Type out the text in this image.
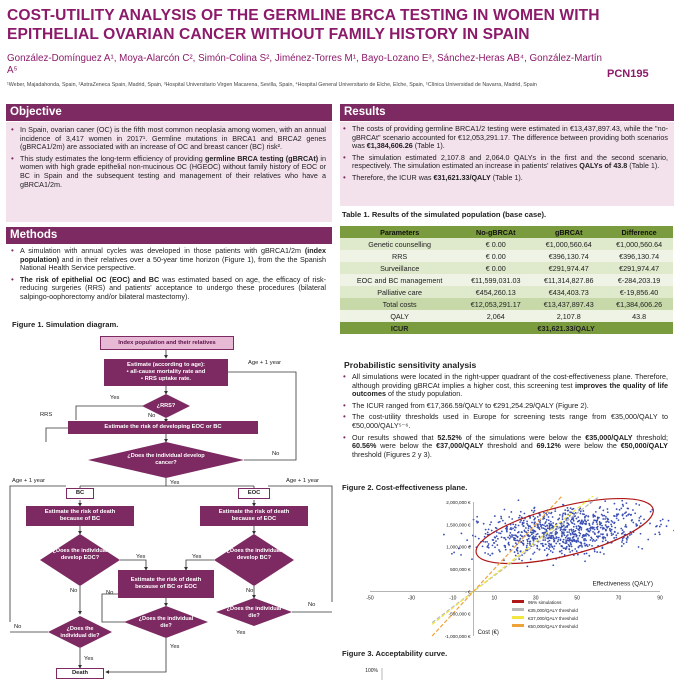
COST-UTILITY ANALYSIS OF THE GERMLINE BRCA TESTING IN WOMEN WITH EPITHELIAL OVARIAN CANCER WITHOUT FAMILY HISTORY IN SPAIN
González-Domínguez A¹, Moya-Alarcón C², Simón-Colina S², Jiménez-Torres M¹, Bayo-Lozano E³, Sánchez-Heras AB⁴, González-Martín A⁵	PCN195
¹Weber, Majadahonda, Spain, ²AstraZeneca Spain, Madrid, Spain, ³Hospital Universitario Virgen Macarena, Sevilla, Spain, ⁴Hospital General Universitario de Elche, Elche, Spain, ⁵Clínica Universidad de Navarra, Madrid, Spain
Objective
• In Spain, ovarian caner (OC) is the fifth most common neoplasia among women, with an annual incidence of 3,417 women in 2017¹. Germline mutations in BRCA1 and BRCA2 genes (gBRCA1/2m) are associated with an increase of OC and breast cancer (BC) risk².
• This study estimates the long-term efficiency of providing germline BRCA testing (gBRCAt) in women with high grade epithelial non-mucinous OC (HGEOC) without family history of EOC or BC in Spain and the subsequent testing and management of their relatives who have a gBRCA1/2m.
Methods
• A simulation with annual cycles was developed in those patients with gBRCA1/2m (index population) and in their relatives over a 50-year time horizon (Figure 1), from the the Spanish National Health Service perspective.
• The risk of epithelial OC (EOC) and BC was estimated based on age, the efficacy of risk-reducing surgeries (RRS) and patients' acceptance to undergo these procedures (bilateral salpingo-oophorectomy and/or bilateral mastectomy).
Figure 1. Simulation diagram.
Index population and their relatives
Estimate (according to age):
• all-cause mortality rate and
• RRS uptake rate.
Age + 1 year
¿RRS?
Yes
No
RRS
Estimate the risk of developing EOC or BC
¿Does the individual develop cancer?
No
Yes
Age + 1 year	Age + 1 year
BC	EOC
Estimate the risk of death because of BC
Estimate the risk of death because of EOC
¿Does the individual develop EOC?
¿Does the individual develop BC?
Yes	Yes
No	No
Estimate the risk of death because of BC or EOC
No
¿Does the individual die?
¿Does the individual die?
¿Does the individual die?
No
No
Yes
Yes
Yes
Death
Results
• The costs of providing germline BRCA1/2 testing were estimated in €13,437,897.43, while the "no-gBRCAt" scenario accounted for €12,053,291.17. The difference between providing both scenarios was €1,384,606.26 (Table 1).
• The simulation estimated 2,107.8 and 2,064.0 QALYs in the first and the second scenario, respectively. The simulation estimated an increase in patients' relatives QALYs of 43.8 (Table 1).
• Therefore, the ICUR was €31,621.33/QALY (Table 1).
Table 1. Results of the simulated population (base case).
Parameters	No-gBRCAt	gBRCAt	Difference
Genetic counselling	€ 0.00	€1,000,560.64	€1,000,560.64
RRS	€ 0.00	€396,130.74	€396,130.74
Surveillance	€ 0.00	€291,974.47	€291,974.47
EOC and BC management	€11,599,031.03	€11,314,827.86	€-284,203.19
Palliative care	€454,260.13	€434,403.73	€-19,856.40
Total costs	€12,053,291.17	€13,437,897.43	€1,384,606.26
QALY	2,064	2,107.8	43.8
ICUR	€31,621.33/QALY		
Probabilistic sensitivity analysis
• All simulations were located in the right-upper quadrant of the cost-effectiveness plane. Therefore, although providing gBRCAt implies a higher cost, this screening test improves the quality of life outcomes of the study population.
• The ICUR ranged from €17,366.59/QALY to €291,254.29/QALY (Figure 2).
• The cost-utility thresholds used in Europe for screening tests range from €35,000/QALY to €50,000/QALY⁵⁻⁶.
• Our results showed that 52.52% of the simulations were below the €35,000/QALY threshold; 60.56% were below the €37,000/QALY threshold and 69.12% were below the €50,000/QALY threshold (Figures 2 y 3).
Figure 2. Cost-effectiveness plane.
-50	-30	-10	10	30	50	70	90
2,000,000 €
1,500,000 €
1,000,000 €
500,000 €
- €
-500,000 €
-1,000,000 €
Effectiveness (QALY)
Cost (€)
95% simulations
€35,000/QALY threshold
€37,000/QALY threshold
€50,000/QALY threshold
Figure 3. Acceptability curve.
100%
